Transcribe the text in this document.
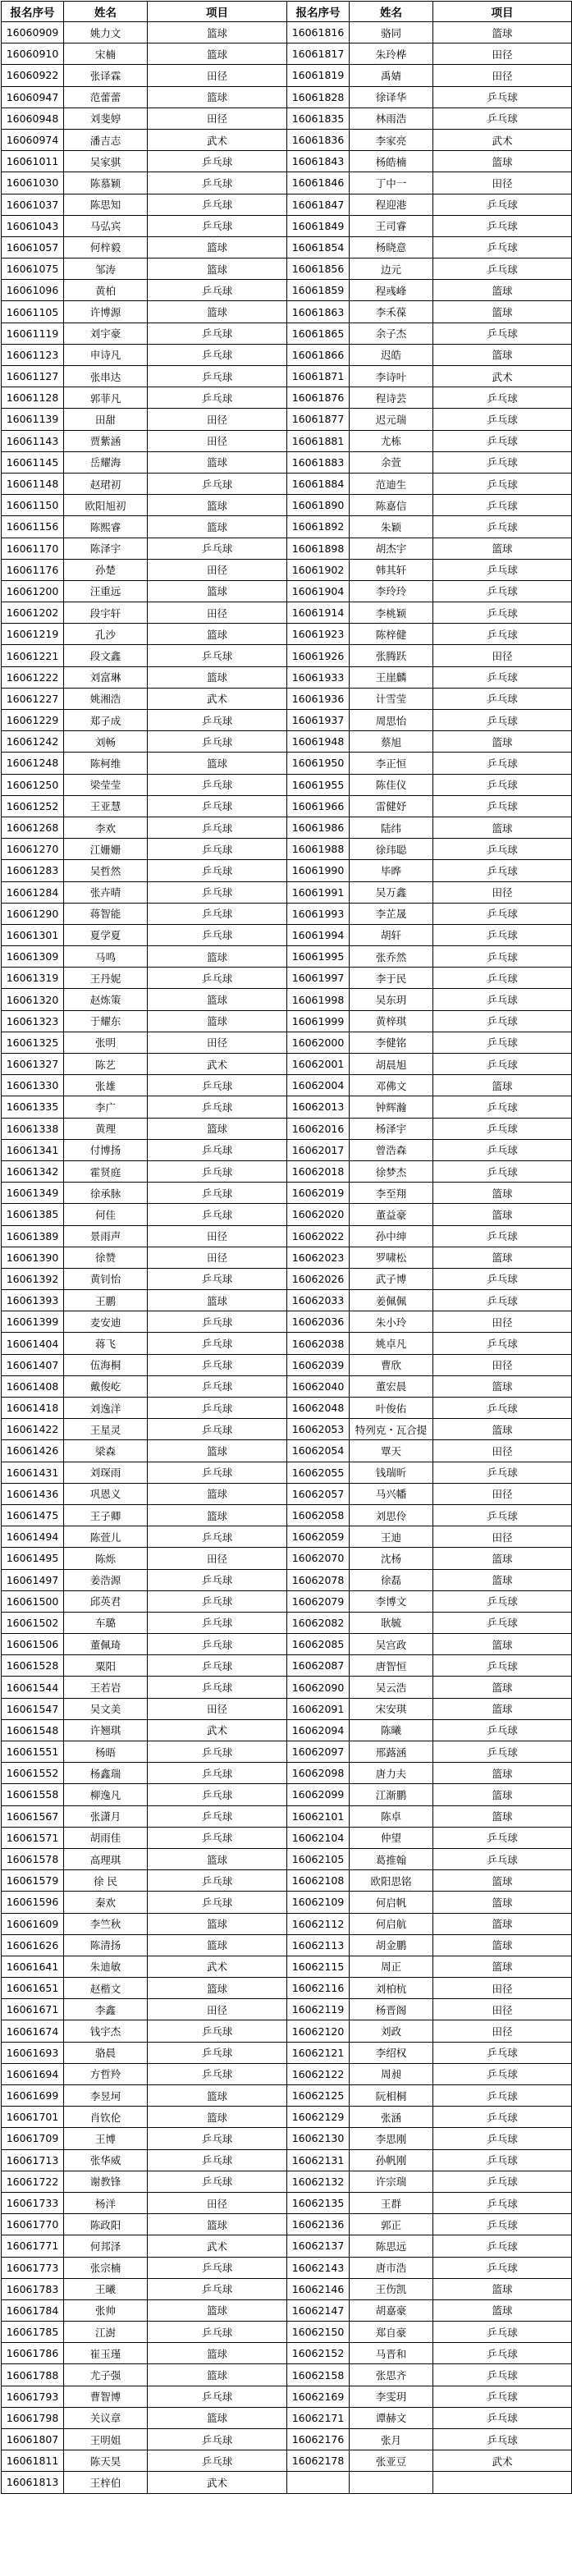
报名序号	姓名	项目	报名序号	姓名	项目
16060909	姚力文	篮球	16061816	骆同	篮球
16060910	宋楠	篮球	16061817	朱玲桦	田径
16060922	张译霖	田径	16061819	禹婧	田径
16060947	范蕾蕾	篮球	16061828	徐译华	乒乓球
16060948	刘斐婷	田径	16061835	林雨浩	乒乓球
16060974	潘吉志	武术	16061836	李家亮	武术
16061011	吴家骐	乒乓球	16061843	杨皓楠	篮球
16061030	陈慕颖	乒乓球	16061846	丁中一	田径
16061037	陈思知	乒乓球	16061847	程迎港	乒乓球
16061043	马弘宾	乒乓球	16061849	王司睿	乒乓球
16061057	何梓毅	篮球	16061854	杨晓意	乒乓球
16061075	邹涛	篮球	16061856	边元	乒乓球
16061096	黄柏	乒乓球	16061859	程彧峰	篮球
16061105	许博源	篮球	16061863	李禾葆	篮球
16061119	刘宇豪	乒乓球	16061865	余子杰	乒乓球
16061123	申诗凡	乒乓球	16061866	迟皓	篮球
16061127	张串达	乒乓球	16061871	李诗叶	武术
16061128	郭菲凡	乒乓球	16061876	程诗芸	乒乓球
16061139	田甜	田径	16061877	迟元瑞	乒乓球
16061143	贾紫涵	田径	16061881	尤栋	乒乓球
16061145	岳耀海	篮球	16061883	余萱	乒乓球
16061148	赵珺初	乒乓球	16061884	范迪生	乒乓球
16061150	欧阳旭初	篮球	16061890	陈嘉信	乒乓球
16061156	陈熙睿	篮球	16061892	朱颖	乒乓球
16061170	陈泽宇	乒乓球	16061898	胡杰宇	篮球
16061176	孙楚	田径	16061902	韩其轩	乒乓球
16061200	汪重远	篮球	16061904	李玲玲	乒乓球
16061202	段宇轩	田径	16061914	李桃颖	乒乓球
16061219	孔沙	篮球	16061923	陈梓健	乒乓球
16061221	段文鑫	乒乓球	16061926	张腾跃	田径
16061222	刘富琳	篮球	16061933	王崖麟	乒乓球
16061227	姚湘浩	武术	16061936	计雪莹	乒乓球
16061229	郑子成	乒乓球	16061937	周思怡	乒乓球
16061242	刘畅	乒乓球	16061948	蔡旭	篮球
16061248	陈柯维	篮球	16061950	李正恒	乒乓球
16061250	梁莹莹	乒乓球	16061955	陈佳仪	乒乓球
16061252	王亚慧	乒乓球	16061966	雷健妤	乒乓球
16061268	李欢	乒乓球	16061986	陆纬	篮球
16061270	江姗姗	乒乓球	16061988	徐玮聪	乒乓球
16061283	吴哲然	乒乓球	16061990	毕晔	乒乓球
16061284	张卉晴	乒乓球	16061991	吴万鑫	田径
16061290	蒋智能	乒乓球	16061993	李芷晟	乒乓球
16061301	夏学夏	乒乓球	16061994	胡轩	乒乓球
16061309	马鸣	篮球	16061995	张乔然	乒乓球
16061319	王丹妮	乒乓球	16061997	李于民	乒乓球
16061320	赵炼策	篮球	16061998	吴东玥	乒乓球
16061323	于耀东	篮球	16061999	黄梓琪	乒乓球
16061325	张明	田径	16062000	李健铭	乒乓球
16061327	陈艺	武术	16062001	胡晨旭	乒乓球
16061330	张雄	乒乓球	16062004	邓佛文	篮球
16061335	李广	乒乓球	16062013	钟辉瀚	乒乓球
16061338	黄理	篮球	16062016	杨泽宇	乒乓球
16061341	付博扬	乒乓球	16062017	曾浩森	乒乓球
16061342	霍贤庭	乒乓球	16062018	徐梦杰	乒乓球
16061349	徐承脉	乒乓球	16062019	李至翔	篮球
16061385	何佳	乒乓球	16062020	董益豪	篮球
16061389	景雨声	田径	16062022	孙中绅	乒乓球
16061390	徐赞	田径	16062023	罗啸松	篮球
16061392	黄钊怡	乒乓球	16062026	武子博	乒乓球
16061393	王鹏	篮球	16062033	姜佩佩	乒乓球
16061399	麦安迪	乒乓球	16062036	朱小玲	田径
16061404	蒋飞	乒乓球	16062038	姚卓凡	乒乓球
16061407	伍海桐	乒乓球	16062039	曹欣	田径
16061408	戴俊屹	乒乓球	16062040	董宏晨	篮球
16061418	刘逸洋	乒乓球	16062048	叶俊佑	乒乓球
16061422	王星灵	乒乓球	16062053	特列克・瓦合提	篮球
16061426	梁森	篮球	16062054	覃天	田径
16061431	刘琛雨	乒乓球	16062055	钱瑞昕	乒乓球
16061436	巩恩义	篮球	16062057	马兴幡	田径
16061475	王子卿	篮球	16062058	刘思伶	乒乓球
16061494	陈萱儿	乒乓球	16062059	王迪	田径
16061495	陈烁	田径	16062070	沈杨	篮球
16061497	姜浩源	乒乓球	16062078	徐磊	篮球
16061500	邱英君	乒乓球	16062079	李博文	乒乓球
16061502	车璐	乒乓球	16062082	耿毓	乒乓球
16061506	董佩琦	乒乓球	16062085	吴宫政	篮球
16061528	粟阳	乒乓球	16062087	唐智恒	乒乓球
16061544	王若岩	乒乓球	16062090	吴云浩	篮球
16061547	吴文美	田径	16062091	宋安琪	篮球
16061548	许翘琪	武术	16062094	陈曦	乒乓球
16061551	杨晤	乒乓球	16062097	邢蕗涵	乒乓球
16061552	杨鑫瑞	乒乓球	16062098	唐力夫	篮球
16061558	柳逸凡	乒乓球	16062099	江渐鹏	篮球
16061567	张潇月	乒乓球	16062101	陈卓	篮球
16061571	胡雨佳	乒乓球	16062104	仲望	乒乓球
16061578	高理琪	篮球	16062105	葛推翰	乒乓球
16061579	徐 民	乒乓球	16062108	欧阳思铭	篮球
16061596	秦欢	乒乓球	16062109	何启帆	篮球
16061609	李竺秋	篮球	16062112	何启航	篮球
16061626	陈清扬	篮球	16062113	胡金鹏	篮球
16061641	朱迪敏	武术	16062115	周正	篮球
16061651	赵楷文	篮球	16062116	刘柏杭	田径
16061671	李鑫	田径	16062119	杨晋阁	田径
16061674	钱宇杰	乒乓球	16062120	刘政	田径
16061693	骆晨	乒乓球	16062121	李绍权	乒乓球
16061694	方哲羚	乒乓球	16062122	周昶	乒乓球
16061699	李昱坷	篮球	16062125	阮相桐	乒乓球
16061701	肖钦伦	篮球	16062129	张涵	乒乓球
16061709	王博	乒乓球	16062130	李思刚	乒乓球
16061713	张华威	乒乓球	16062131	孙帆刚	乒乓球
16061722	谢教锋	乒乓球	16062132	许宗瑞	乒乓球
16061733	杨洋	田径	16062135	王群	乒乓球
16061770	陈政阳	篮球	16062136	郭正	乒乓球
16061771	何邦泽	武术	16062137	陈思远	乒乓球
16061773	张宗楠	乒乓球	16062143	唐市浩	乒乓球
16061783	王曦	乒乓球	16062146	王伤凯	篮球
16061784	张帅	篮球	16062147	胡嘉豪	篮球
16061785	江澍	乒乓球	16062150	郑自豪	乒乓球
16061786	崔玉瑾	篮球	16062152	马晋和	乒乓球
16061788	尤子强	篮球	16062158	张思齐	乒乓球
16061793	曹智博	乒乓球	16062169	李雯玥	乒乓球
16061798	关议章	篮球	16062171	谭赫文	乒乓球
16061807	王明姐	乒乓球	16062176	张月	乒乓球
16061811	陈天昊	乒乓球	16062178	张亚豆	武术
16061813	王梓伯	武术			
